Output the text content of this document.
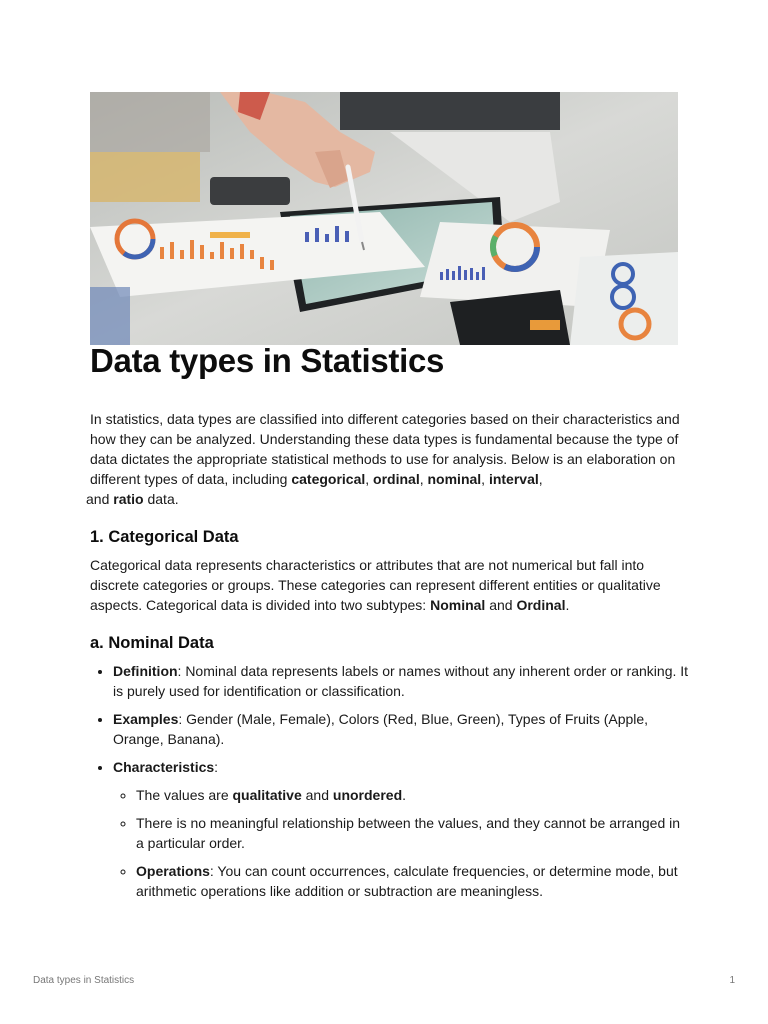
Data types in Statistics

In statistics, data types are classified into different categories based on their characteristics and how they can be analyzed. Understanding these data types is fundamental because the type of data dictates the appropriate statistical methods to use for analysis. Below is an elaboration on different types of data, including categorical, ordinal, nominal, interval,
and ratio data.

1. Categorical Data

Categorical data represents characteristics or attributes that are not numerical but fall into discrete categories or groups. These categories can represent different entities or qualitative aspects. Categorical data is divided into two subtypes: Nominal and Ordinal.

a. Nominal Data
• Definition: Nominal data represents labels or names without any inherent order or ranking. It is purely used for identification or classification.
• Examples: Gender (Male, Female), Colors (Red, Blue, Green), Types of Fruits (Apple, Orange, Banana).
• Characteristics:
◦ The values are qualitative and unordered.
◦ There is no meaningful relationship between the values, and they cannot be arranged in a particular order.
◦ Operations: You can count occurrences, calculate frequencies, or determine mode, but arithmetic operations like addition or subtraction are meaningless.
Data types in Statistics	1
